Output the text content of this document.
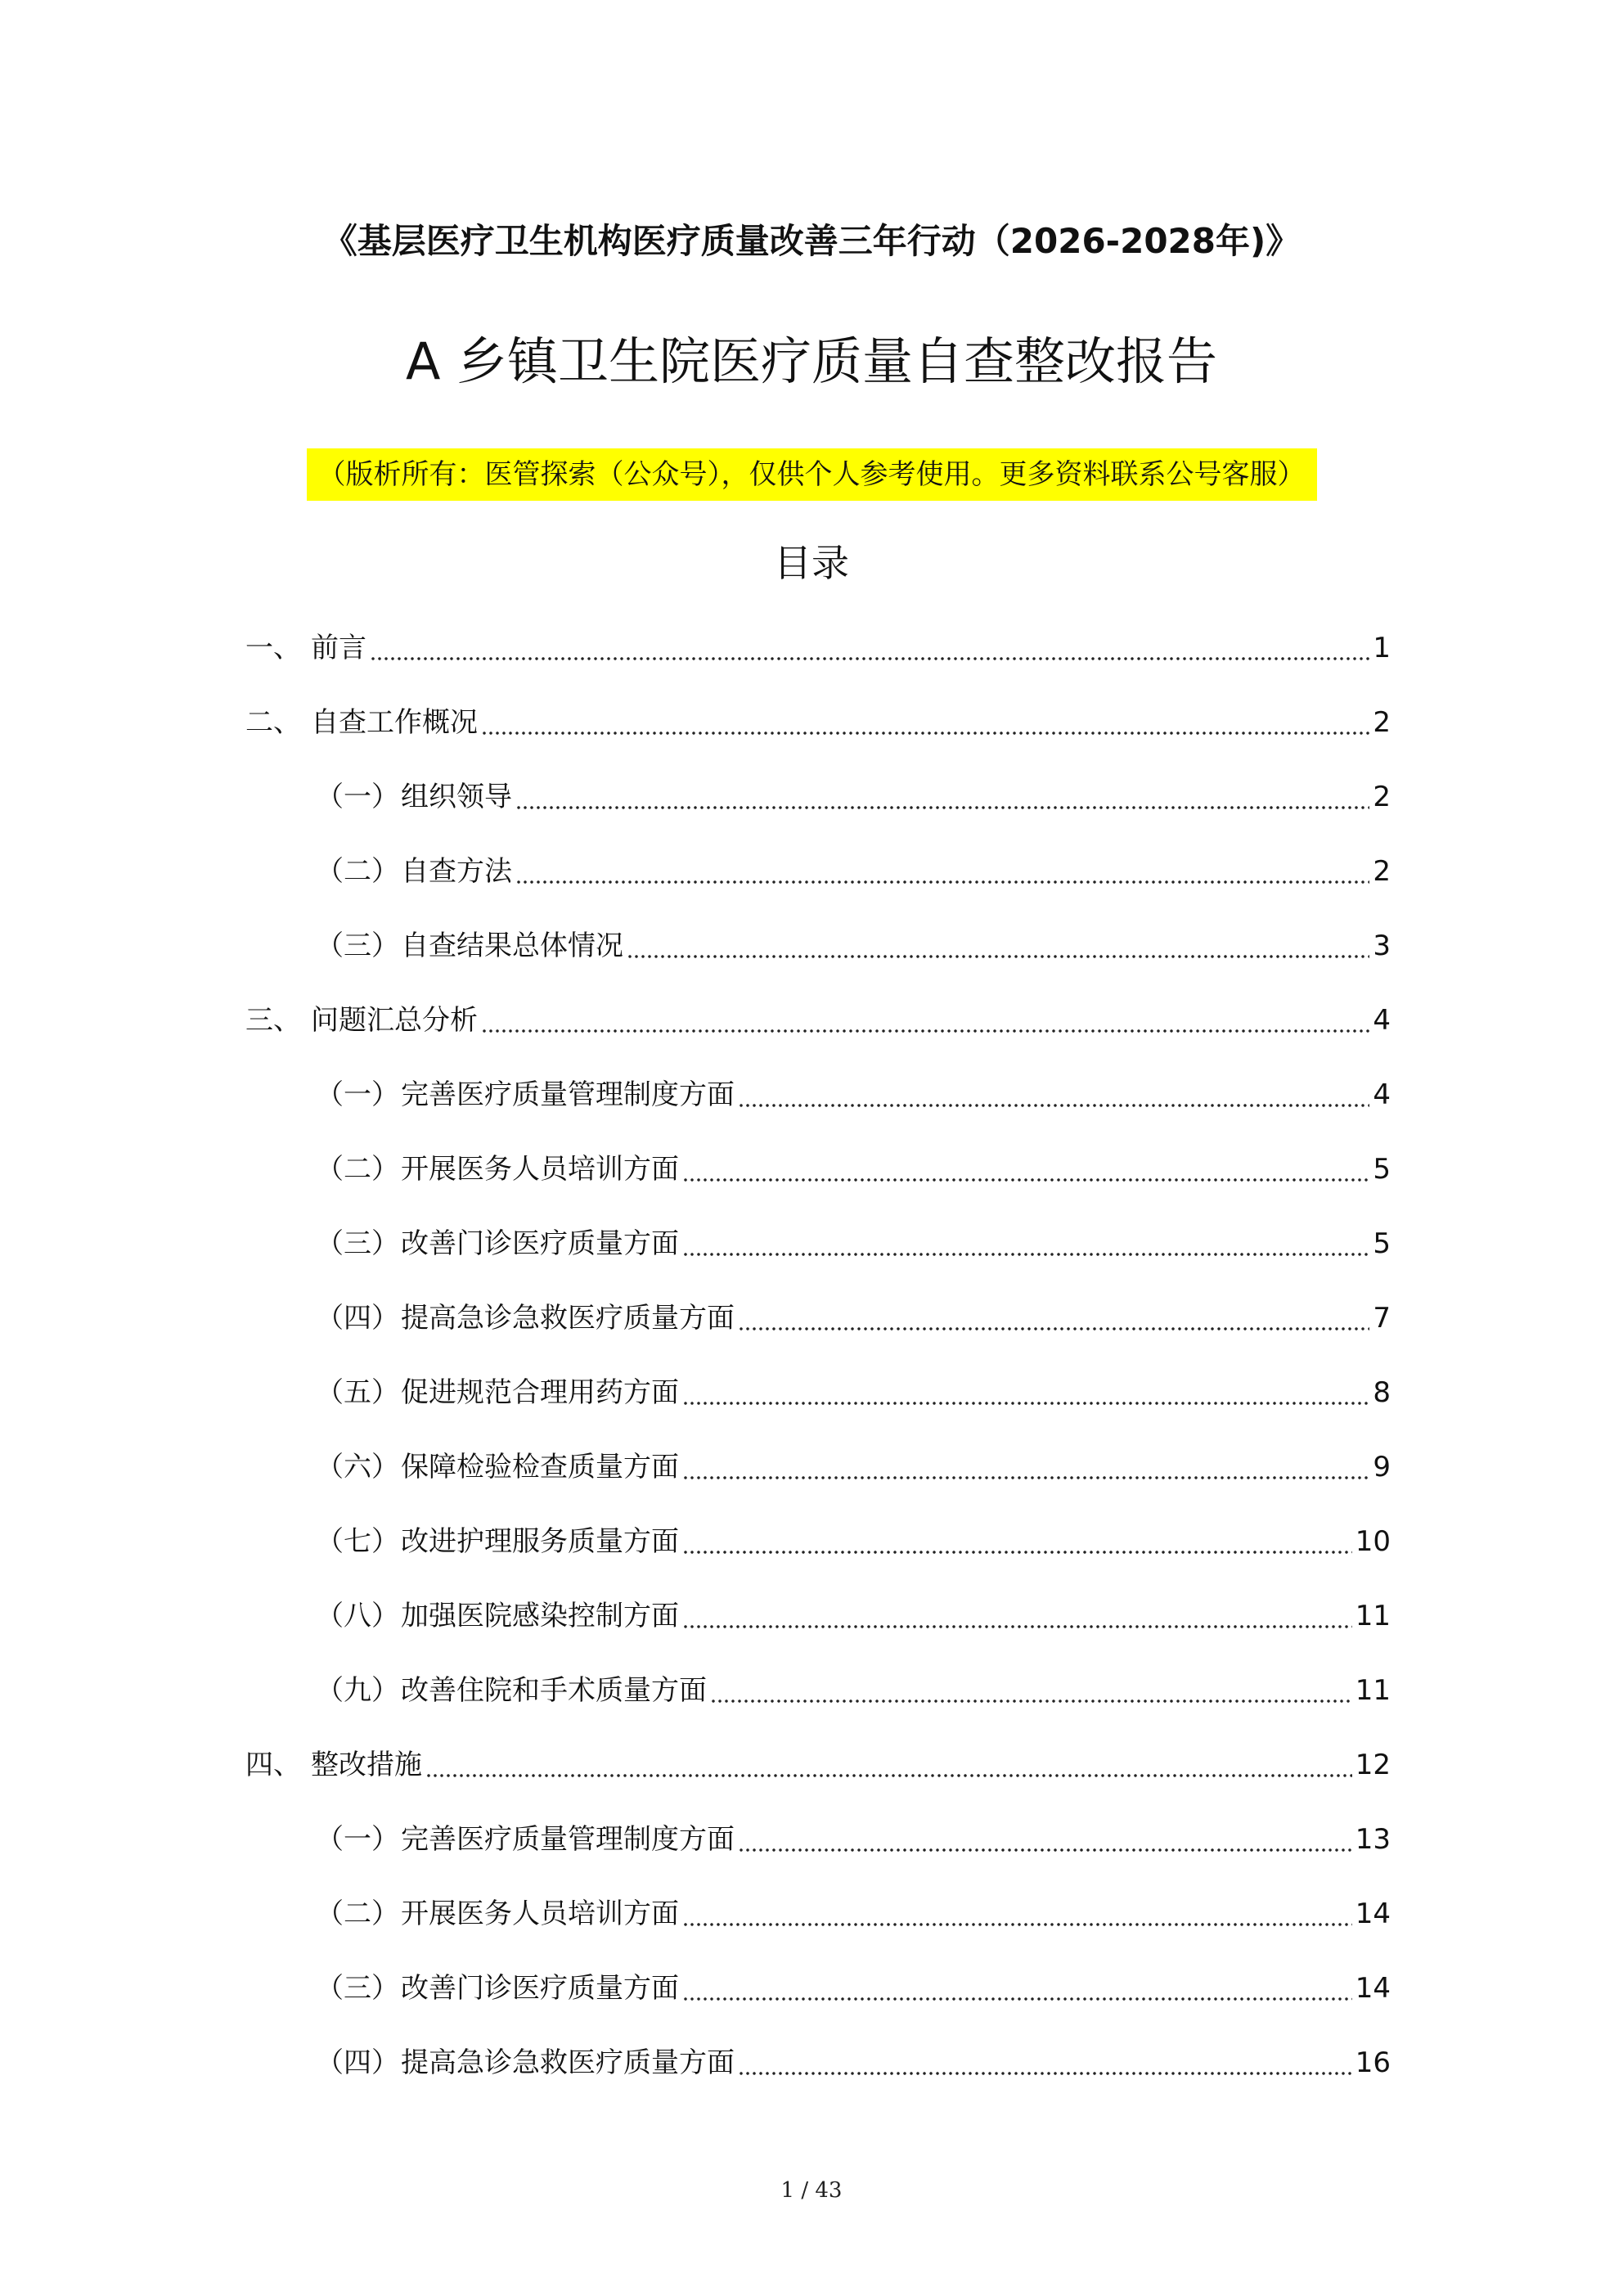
《基层医疗卫生机构医疗质量改善三年行动（2026-2028年)》
A 乡镇卫生院医疗质量自查整改报告
（版析所有：医管探索（公众号），仅供个人参考使用。更多资料联系公号客服）
目录
一、 前言	1
二、 自查工作概况	2
（一） 组织领导	2
（二） 自查方法	2
（三） 自查结果总体情况	3
三、 问题汇总分析	4
（一） 完善医疗质量管理制度方面	4
（二） 开展医务人员培训方面	5
（三） 改善门诊医疗质量方面	5
（四） 提高急诊急救医疗质量方面	7
（五） 促进规范合理用药方面	8
（六） 保障检验检查质量方面	9
（七） 改进护理服务质量方面	10
（八） 加强医院感染控制方面	11
（九） 改善住院和手术质量方面	11
四、 整改措施	12
（一） 完善医疗质量管理制度方面	13
（二） 开展医务人员培训方面	14
（三） 改善门诊医疗质量方面	14
（四） 提高急诊急救医疗质量方面	16
1 / 43
